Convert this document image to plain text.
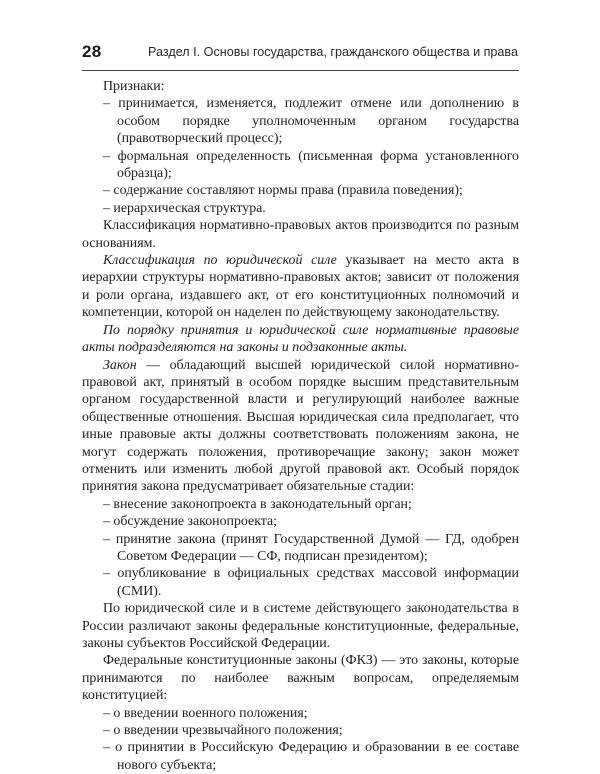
28	Раздел I. Основы государства, гражданского общества и права

Признаки:

– принимается, изменяется, подлежит отмене или дополнению в особом порядке уполномоченным органом государства (правотворческий процесс);

– формальная определенность (письменная форма установленного образца);

– содержание составляют нормы права (правила поведения);

– иерархическая структура.

Классификация нормативно-правовых актов производится по разным основаниям.

Классификация по юридической силе указывает на место акта в иерархии структуры нормативно-правовых актов; зависит от положения и роли органа, издавшего акт, от его конституционных полномочий и компетенции, которой он наделен по действующему законодательству.

По порядку принятия и юридической силе нормативные правовые акты подразделяются на законы и подзаконные акты.

Закон — обладающий высшей юридической силой нормативно-правовой акт, принятый в особом порядке высшим представительным органом государственной власти и регулирующий наиболее важные общественные отношения. Высшая юридическая сила предполагает, что иные правовые акты должны соответствовать положениям закона, не могут содержать положения, противоречащие закону; закон может отменить или изменить любой другой правовой акт. Особый порядок принятия закона предусматривает обязательные стадии:

– внесение законопроекта в законодательный орган;

– обсуждение законопроекта;

– принятие закона (принят Государственной Думой — ГД, одобрен Советом Федерации — СФ, подписан президентом);

– опубликование в официальных средствах массовой информации (СМИ).

По юридической силе и в системе действующего законодательства в России различают законы федеральные конституционные, федеральные, законы субъектов Российской Федерации.

Федеральные конституционные законы (ФКЗ) — это законы, которые принимаются по наиболее важным вопросам, определяемым конституцией:

– о введении военного положения;

– о введении чрезвычайного положения;

– о принятии в Российскую Федерацию и образовании в ее составе нового субъекта;
